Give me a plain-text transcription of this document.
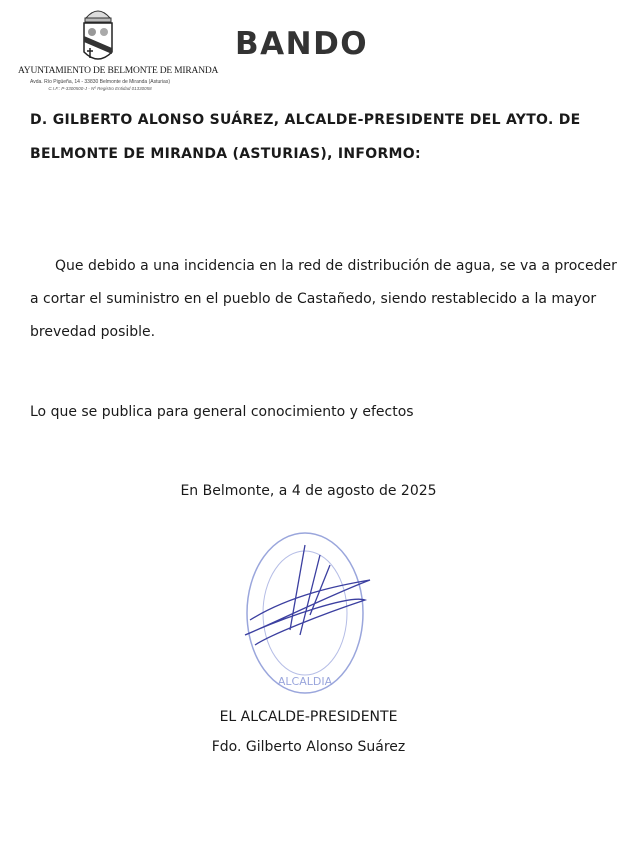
AYUNTAMIENTO DE BELMONTE DE MIRANDA
Avda. Río Pigüeña, 14 - 33830 Belmonte de Miranda (Asturias)
C.I.F.: P-3300500-J - Nº Registro Entidad 01330058
BANDO
D. GILBERTO ALONSO SUÁREZ, ALCALDE-PRESIDENTE DEL AYTO. DE
BELMONTE DE MIRANDA (ASTURIAS), INFORMO:
Que debido a una incidencia en la red de distribución de agua, se va a proceder
a cortar el suministro en el pueblo de Castañedo, siendo restablecido a la mayor
brevedad posible.
Lo que se publica para general conocimiento y efectos
En Belmonte, a 4 de agosto de 2025
ALCALDIA
EL ALCALDE-PRESIDENTE
Fdo. Gilberto Alonso Suárez
